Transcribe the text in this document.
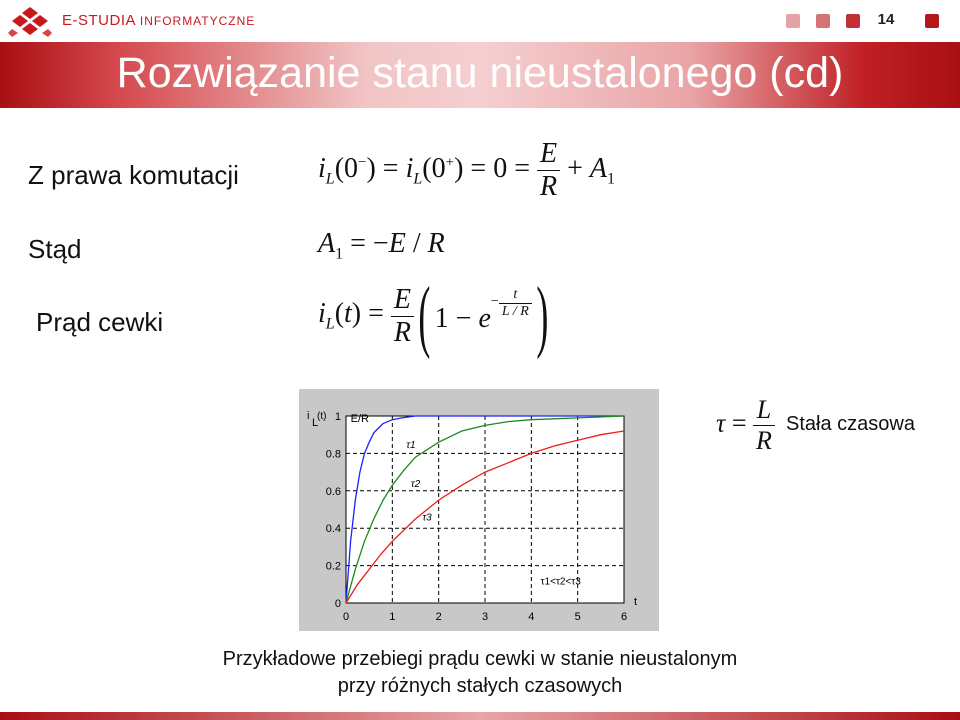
E-STUDIA INFORMATYCZNE	14
Rozwiązanie stanu nieustalonego (cd)
Z prawa komutacji
Stąd
Prąd cewki
$i_L(0^-) = i_L(0^+) = 0 = \frac{E}{R} + A_1$
$A_1 = -E / R$
$i_L(t) = \frac{E}{R}$ ( $1 - e^{- \frac{t}{L / R}}$ )
$\tau = \frac{L}{R}$ Stała czasowa
0	1	2	3	4	5	6
0
0.2
0.4
0.6
0.8
1
i
L
(t)
t
E/R
τ1
τ2
τ3
τ1<τ2<τ3
Przykładowe przebiegi prądu cewki w stanie nieustalonym
przy różnych stałych czasowych
